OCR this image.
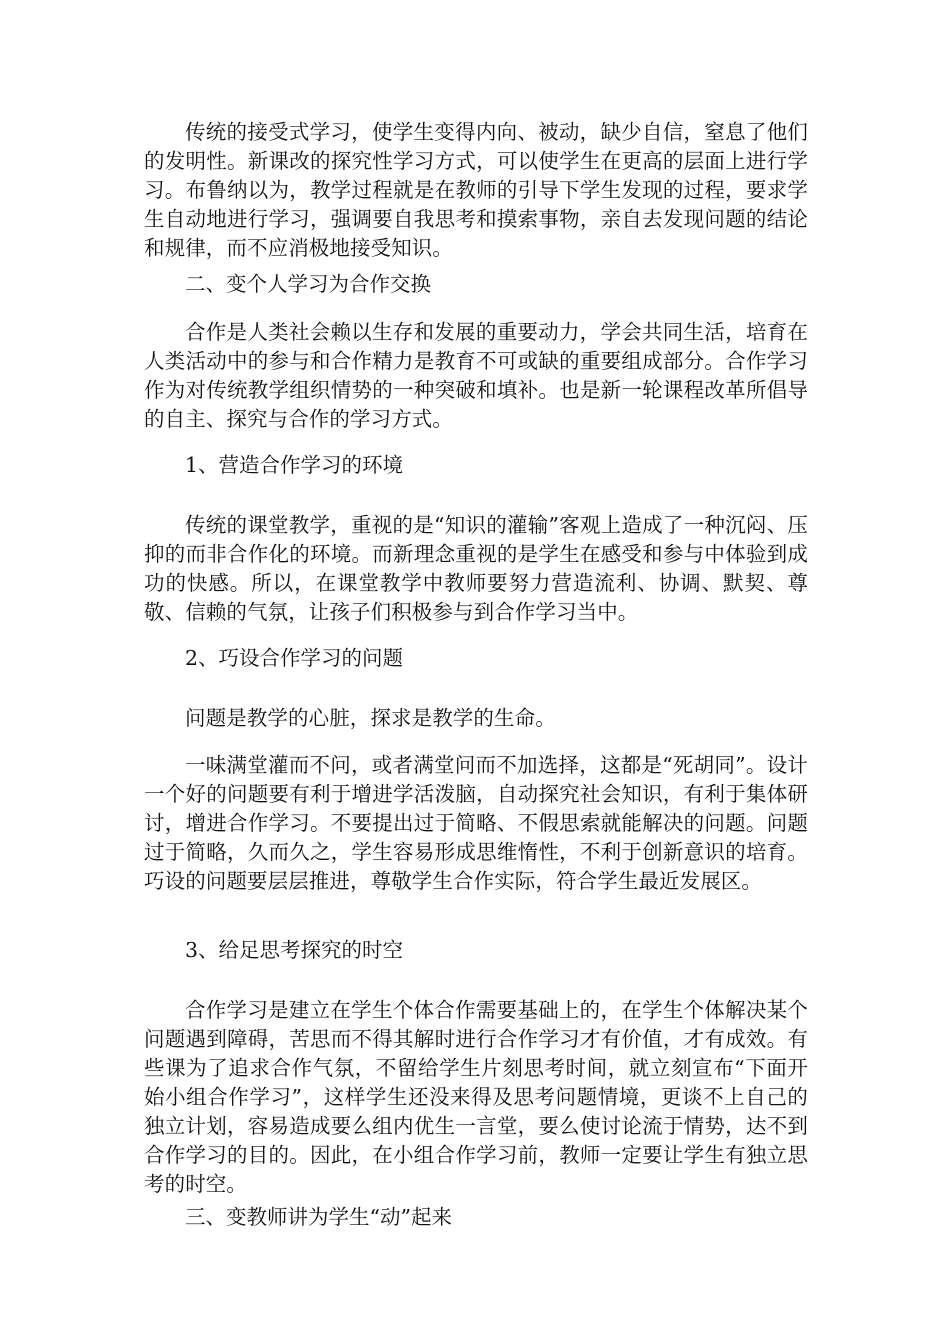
传统的接受式学习，使学生变得内向、被动，缺少自信，窒息了他们的发明性。新课改的探究性学习方式，可以使学生在更高的层面上进行学习。布鲁纳以为，教学过程就是在教师的引导下学生发现的过程，要求学生自动地进行学习，强调要自我思考和摸索事物，亲自去发现问题的结论和规律，而不应消极地接受知识。

二、变个人学习为合作交换

合作是人类社会赖以生存和发展的重要动力，学会共同生活，培育在人类活动中的参与和合作精力是教育不可或缺的重要组成部分。合作学习作为对传统教学组织情势的一种突破和填补。也是新一轮课程改革所倡导的自主、探究与合作的学习方式。

1、营造合作学习的环境

传统的课堂教学，重视的是“知识的灌输”客观上造成了一种沉闷、压抑的而非合作化的环境。而新理念重视的是学生在感受和参与中体验到成功的快感。所以，在课堂教学中教师要努力营造流利、协调、默契、尊敬、信赖的气氛，让孩子们积极参与到合作学习当中。

2、巧设合作学习的问题

问题是教学的心脏，探求是教学的生命。

一味满堂灌而不问，或者满堂问而不加选择，这都是“死胡同”。设计一个好的问题要有利于增进学活泼脑，自动探究社会知识，有利于集体研讨，增进合作学习。不要提出过于简略、不假思索就能解决的问题。问题过于简略，久而久之，学生容易形成思维惰性，不利于创新意识的培育。巧设的问题要层层推进，尊敬学生合作实际，符合学生最近发展区。

3、给足思考探究的时空

合作学习是建立在学生个体合作需要基础上的，在学生个体解决某个问题遇到障碍，苦思而不得其解时进行合作学习才有价值，才有成效。有些课为了追求合作气氛，不留给学生片刻思考时间，就立刻宣布“下面开始小组合作学习”，这样学生还没来得及思考问题情境，更谈不上自己的独立计划，容易造成要么组内优生一言堂，要么使讨论流于情势，达不到合作学习的目的。因此，在小组合作学习前，教师一定要让学生有独立思考的时空。

三、变教师讲为学生“动”起来
